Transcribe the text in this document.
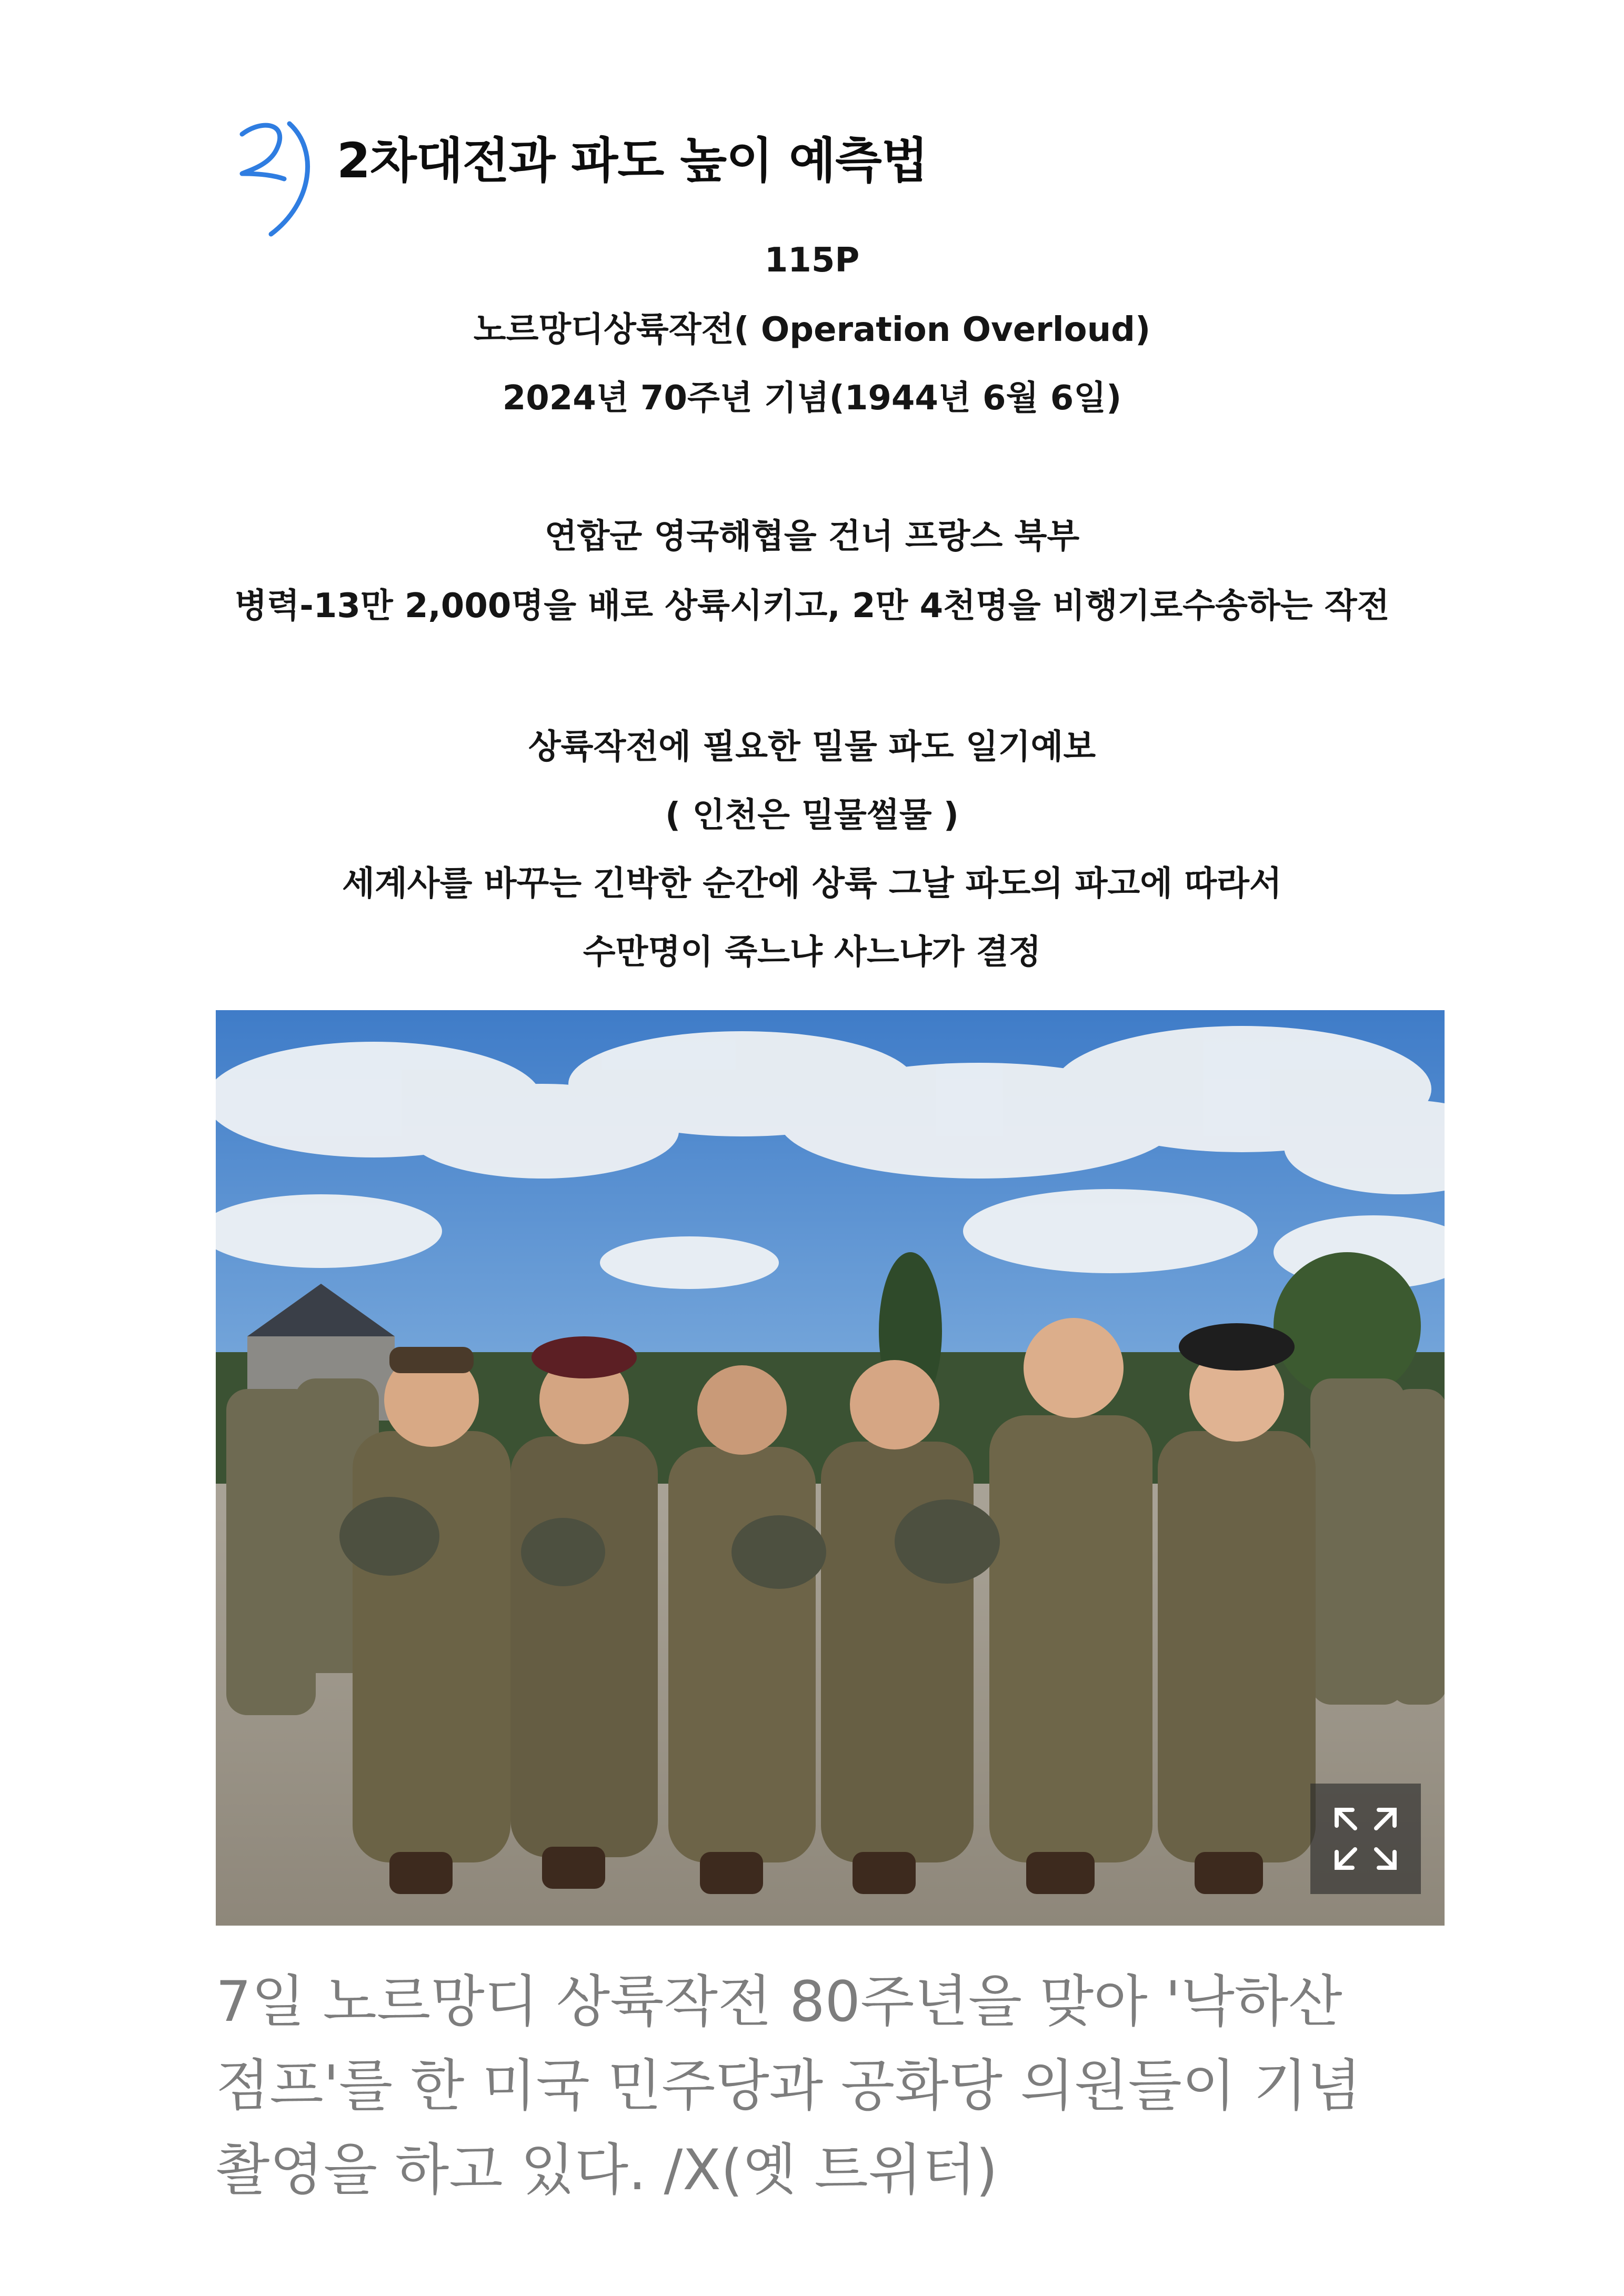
2차대전과 파도 높이 예측법
115P
노르망디상륙작전( Operation Overloud)
2024년 70주년 기념(1944년 6월 6일)
연합군 영국해협을 건너 프랑스 북부
병력-13만 2,000명을 배로 상륙시키고, 2만 4천명을 비행기로수송하는 작전
상륙작전에 필요한 밀물 파도 일기예보
( 인천은 밀물썰물 )
세계사를 바꾸는 긴박한 순간에 상륙 그날 파도의 파고에 따라서
수만명이 죽느냐 사느냐가 결정
7일 노르망디 상륙작전 80주년을 맞아 '낙하산
점프'를 한 미국 민주당과 공화당 의원들이 기념
촬영을 하고 있다. /X(옛 트위터)
